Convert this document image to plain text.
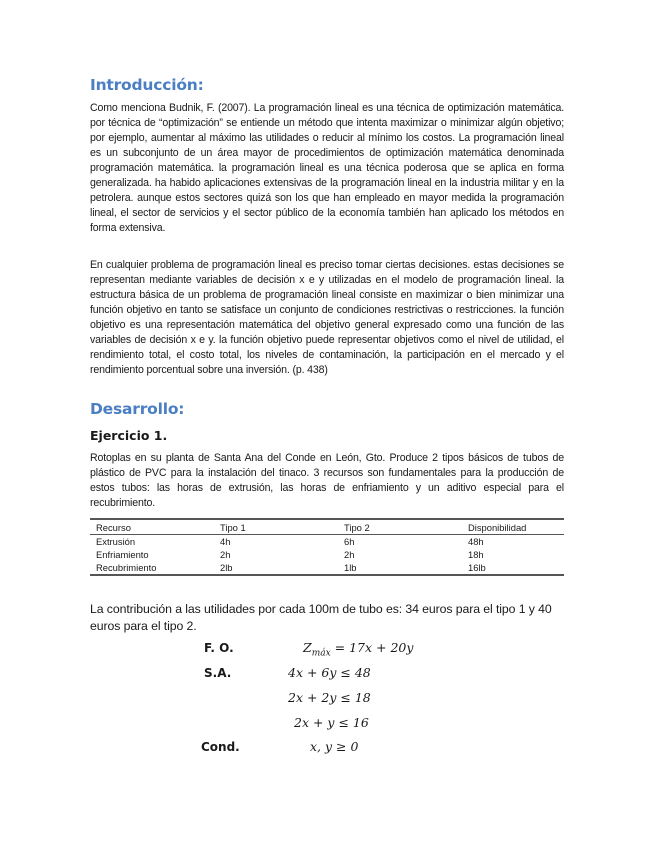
Introducción:
Como menciona Budnik, F. (2007). La programación lineal es una técnica de optimización matemática. por técnica de “optimización” se entiende un método que intenta maximizar o minimizar algún objetivo; por ejemplo, aumentar al máximo las utilidades o reducir al mínimo los costos. La programación lineal es un subconjunto de un área mayor de procedimientos de optimización matemática denominada programación matemática. la programación lineal es una técnica poderosa que se aplica en forma generalizada. ha habido aplicaciones extensivas de la programación lineal en la industria militar y en la petrolera. aunque estos sectores quizá son los que han empleado en mayor medida la programación lineal, el sector de servicios y el sector público de la economía también han aplicado los métodos en forma extensiva.
En cualquier problema de programación lineal es preciso tomar ciertas decisiones. estas decisiones se representan mediante variables de decisión x e y utilizadas en el modelo de programación lineal. la estructura básica de un problema de programación lineal consiste en maximizar o bien minimizar una función objetivo en tanto se satisface un conjunto de condiciones restrictivas o restricciones. la función objetivo es una representación matemática del objetivo general expresado como una función de las variables de decisión x e y. la función objetivo puede representar objetivos como el nivel de utilidad, el rendimiento total, el costo total, los niveles de contaminación, la participación en el mercado y el rendimiento porcentual sobre una inversión. (p. 438)
Desarrollo:
Ejercicio 1.
Rotoplas en su planta de Santa Ana del Conde en León, Gto. Produce 2 tipos básicos de tubos de plástico de PVC para la instalación del tinaco. 3 recursos son fundamentales para la producción de estos tubos: las horas de extrusión, las horas de enfriamiento y un aditivo especial para el recubrimiento.
Recurso	Tipo 1	Tipo 2	Disponibilidad
Extrusión	4h	6h	48h
Enfriamiento	2h	2h	18h
Recubrimiento	2lb	1lb	16lb
La contribución a las utilidades por cada 100m de tubo es: 34 euros para el tipo 1 y 40 euros para el tipo 2.
F. O.	$Z_{máx} = 17x + 20y$
S.A.	4x + 6y ≤ 48
2x + 2y ≤ 18
2x + y ≤ 16
Cond.	x, y ≥ 0
